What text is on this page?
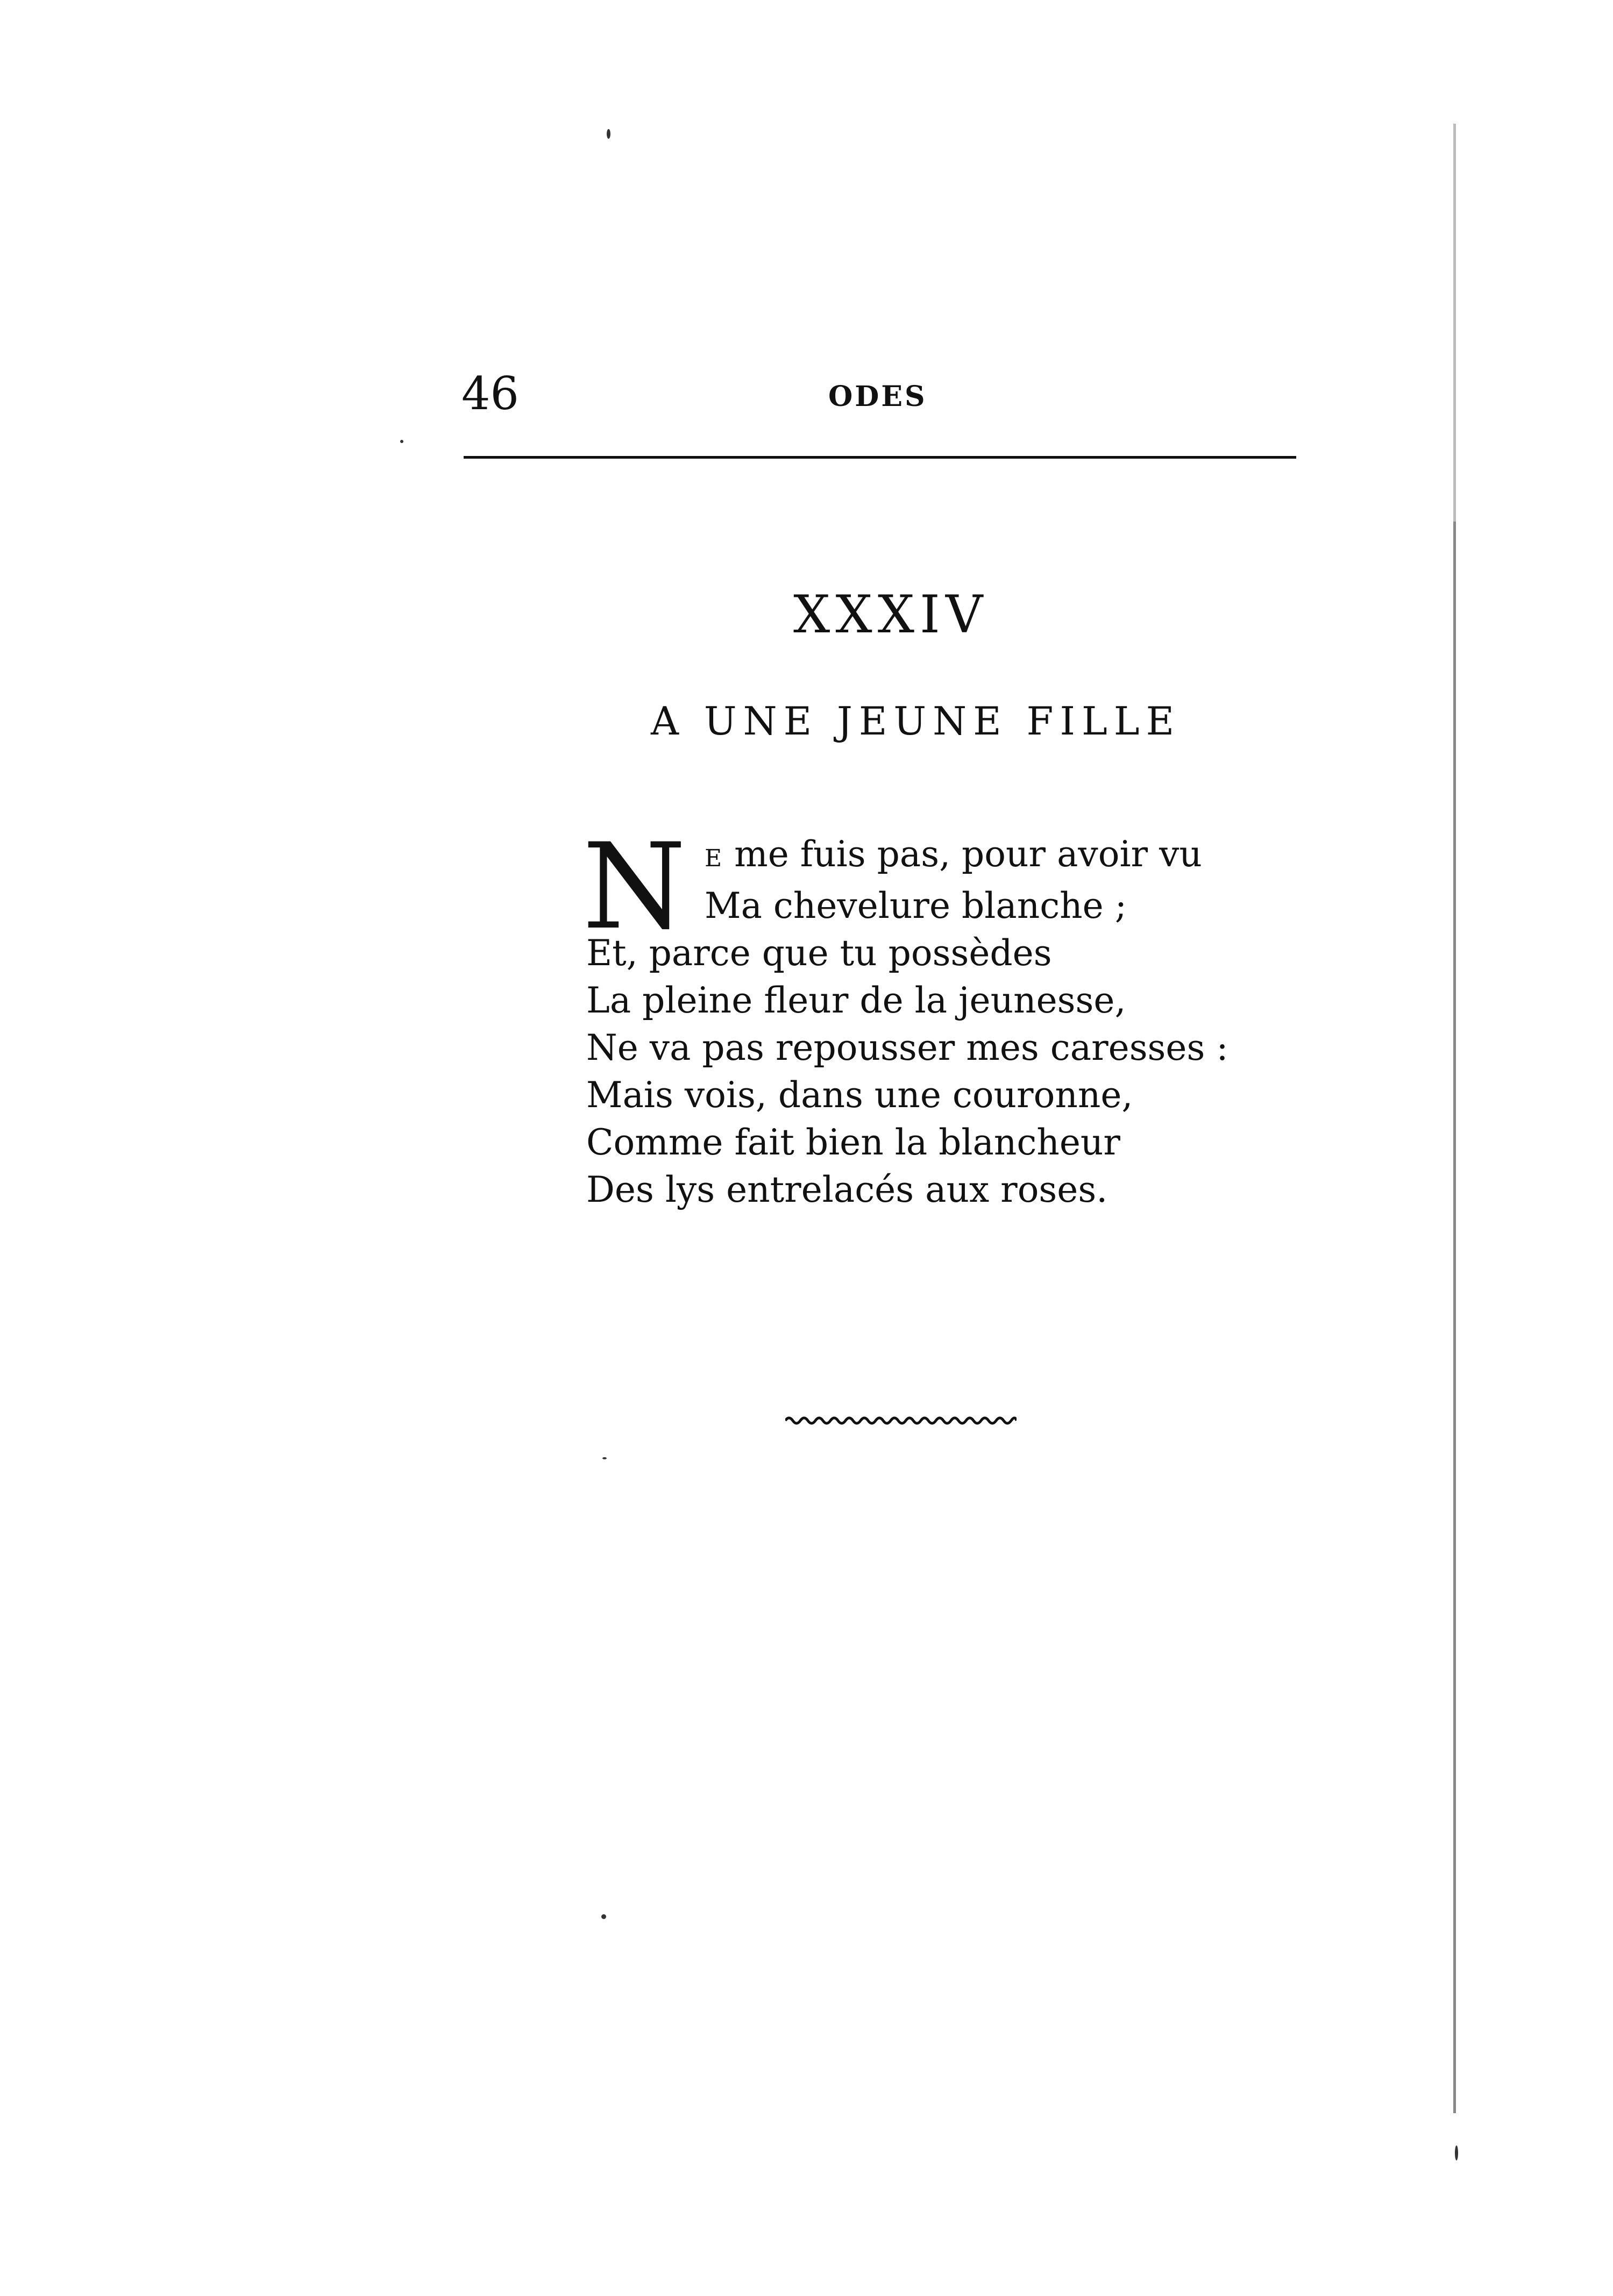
46	ODES
XXXIV
A UNE JEUNE FILLE
N E me fuis pas, pour avoir vu
Ma chevelure blanche ;
Et, parce que tu possèdes
La pleine fleur de la jeunesse,
Ne va pas repousser mes caresses :
Mais vois, dans une couronne,
Comme fait bien la blancheur
Des lys entrelacés aux roses.
